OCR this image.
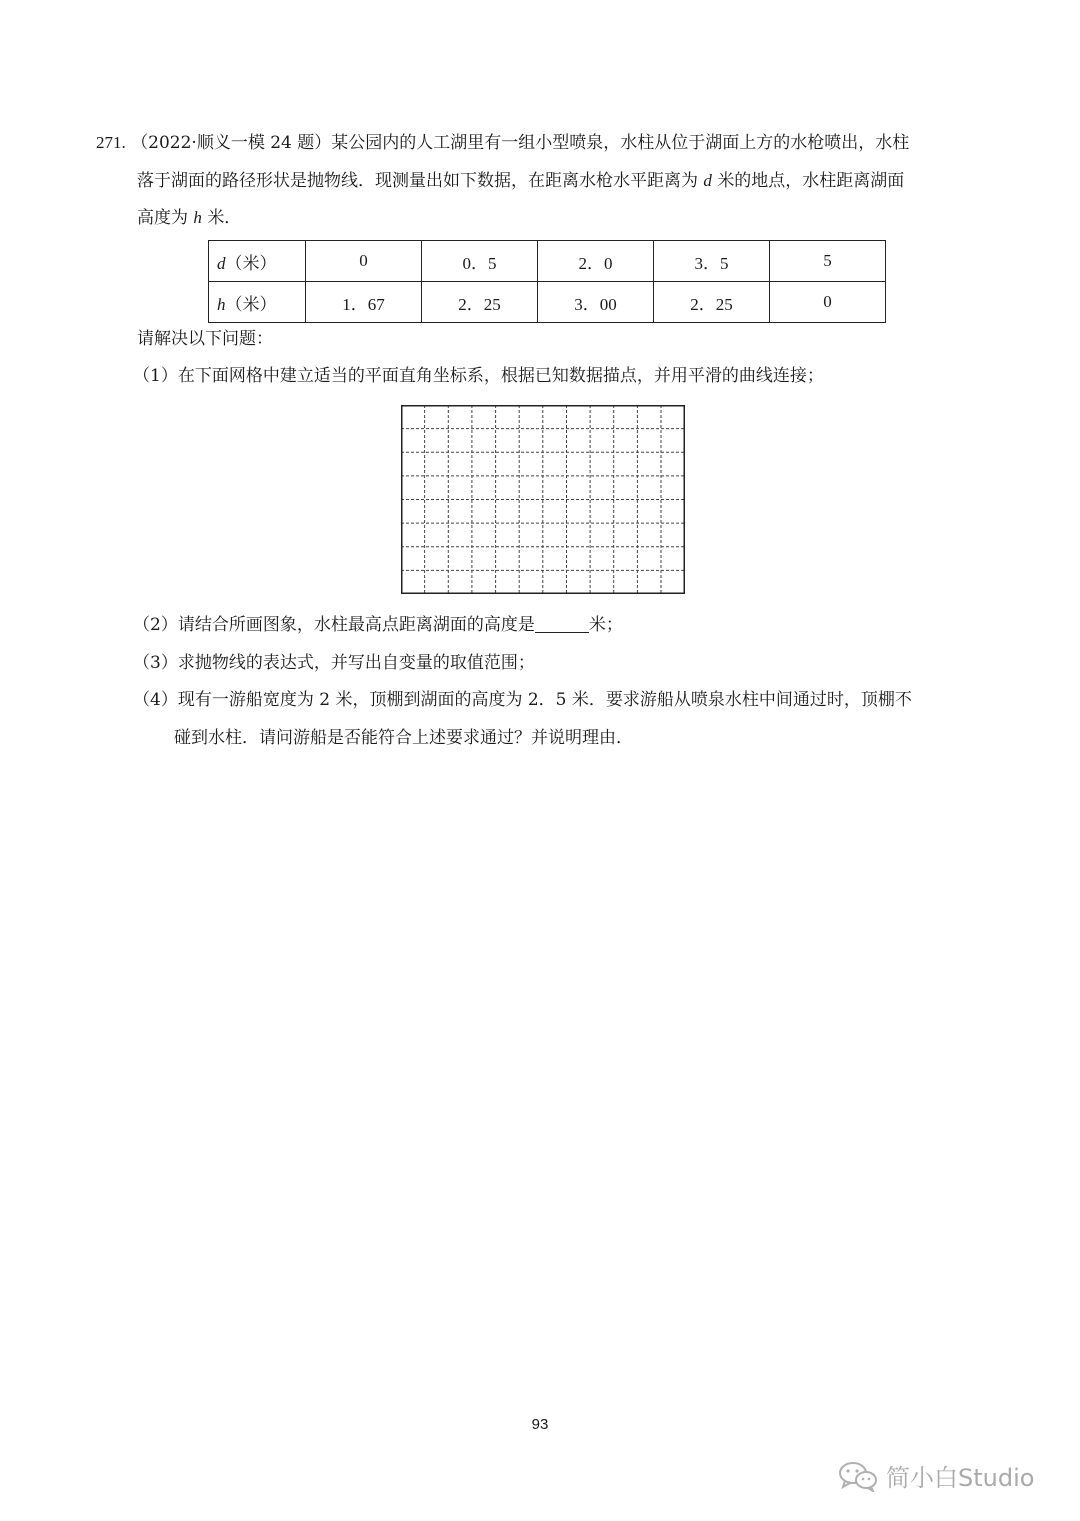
271. （2022·顺义一模 24 题）某公园内的人工湖里有一组小型喷泉，水柱从位于湖面上方的水枪喷出，水柱
落于湖面的路径形状是抛物线．现测量出如下数据，在距离水枪水平距离为 d 米的地点，水柱距离湖面
高度为 h 米．
d（米）	0	0．5	2．0	3．5	5
h（米）	1．67	2．25	3．00	2．25	0
请解决以下问题：
（1）在下面网格中建立适当的平面直角坐标系，根据已知数据描点，并用平滑的曲线连接；
（2）请结合所画图象，水柱最高点距离湖面的高度是	米；
（3）求抛物线的表达式，并写出自变量的取值范围；
（4）现有一游船宽度为 2 米，顶棚到湖面的高度为 2．5 米．要求游船从喷泉水柱中间通过时，顶棚不
碰到水柱．请问游船是否能符合上述要求通过？并说明理由．
93
简小白Studio
